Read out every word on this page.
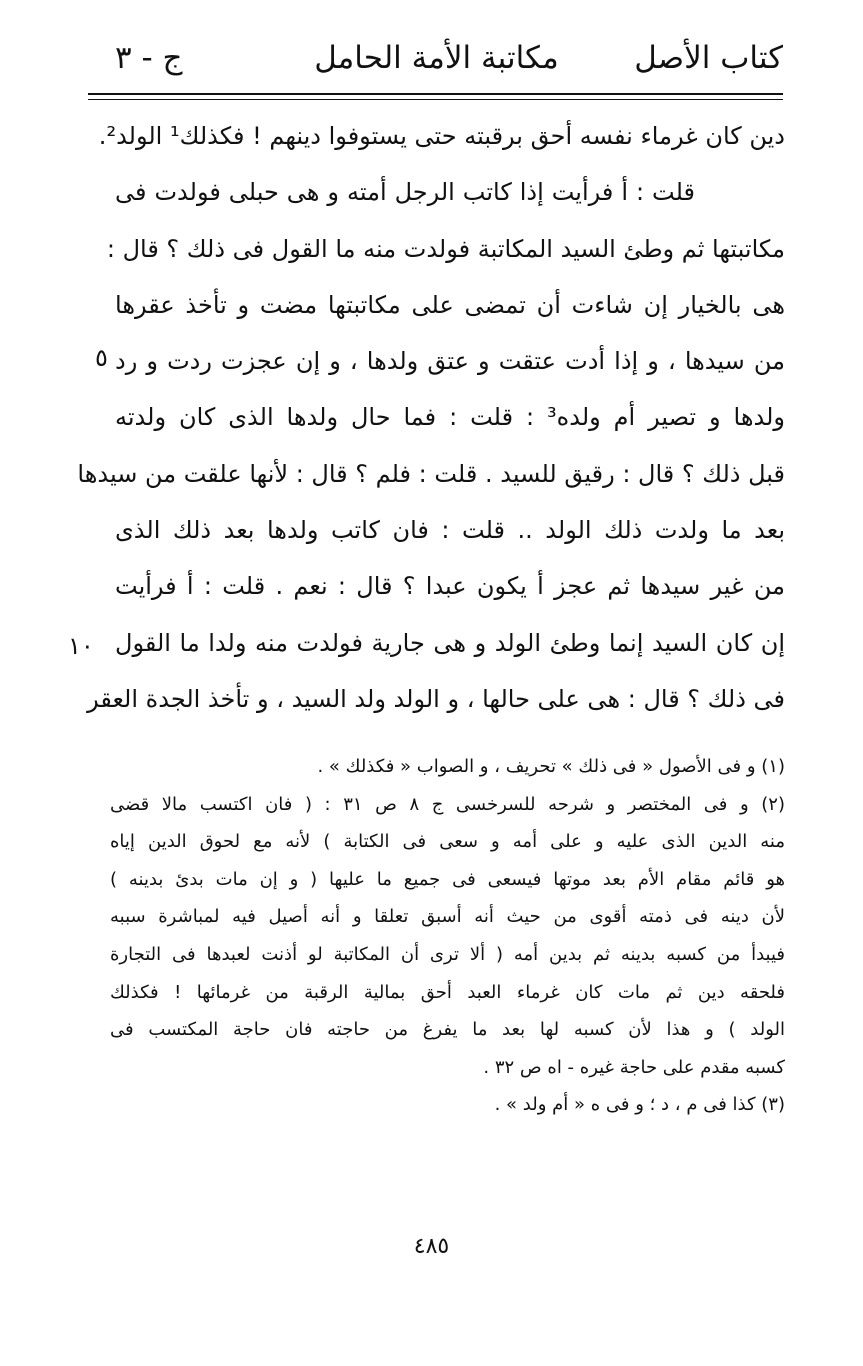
كتاب الأصل
مكاتبة الأمة الحامل
ج - ٣
دين كان غرماء نفسه أحق برقبته حتى يستوفوا دينهم ! فكذلك¹ الولد².
قلت : أ فرأيت إذا كاتب الرجل أمته و هى حبلى فولدت فى
مكاتبتها ثم وطئ السيد المكاتبة فولدت منه ما القول فى ذلك ؟ قال :
هى بالخيار إن شاءت أن تمضى على مكاتبتها مضت و تأخذ عقرها
من سيدها ، و إذا أدت عتقت و عتق ولدها ، و إن عجزت ردت و رد
ولدها و تصير أم ولده³ : قلت : فما حال ولدها الذى كان ولدته
قبل ذلك ؟ قال : رقيق للسيد . قلت : فلم ؟ قال : لأنها علقت من سيدها
بعد ما ولدت ذلك الولد .. قلت : فان كاتب ولدها بعد ذلك الذى
من غير سيدها ثم عجز أ يكون عبدا ؟ قال : نعم . قلت : أ فرأيت
إن كان السيد إنما وطئ الولد و هى جارية فولدت منه ولدا ما القول
فى ذلك ؟ قال : هى على حالها ، و الولد ولد السيد ، و تأخذ الجدة العقر
٥
١٠
(١) و فى الأصول « فى ذلك » تحريف ، و الصواب « فكذلك » .
(٢) و فى المختصر و شرحه للسرخسى ج ٨ ص ٣١ : ( فان اكتسب مالا قضى
منه الدين الذى عليه و على أمه و سعى فى الكتابة ) لأنه مع لحوق الدين إياه
هو قائم مقام الأم بعد موتها فيسعى فى جميع ما عليها ( و إن مات بدئ بدينه )
لأن دينه فى ذمته أقوى من حيث أنه أسبق تعلقا و أنه أصيل فيه لمباشرة سببه
فيبدأ من كسبه بدينه ثم بدين أمه ( ألا ترى أن المكاتبة لو أذنت لعبدها فى التجارة
فلحقه دين ثم مات كان غرماء العبد أحق بمالية الرقبة من غرمائها ! فكذلك
الولد ) و هذا لأن كسبه لها بعد ما يفرغ من حاجته فان حاجة المكتسب فى
كسبه مقدم على حاجة غيره - اه ص ٣٢ .
(٣) كذا فى م ، د ؛ و فى ه « أم ولد » .
٤٨٥
